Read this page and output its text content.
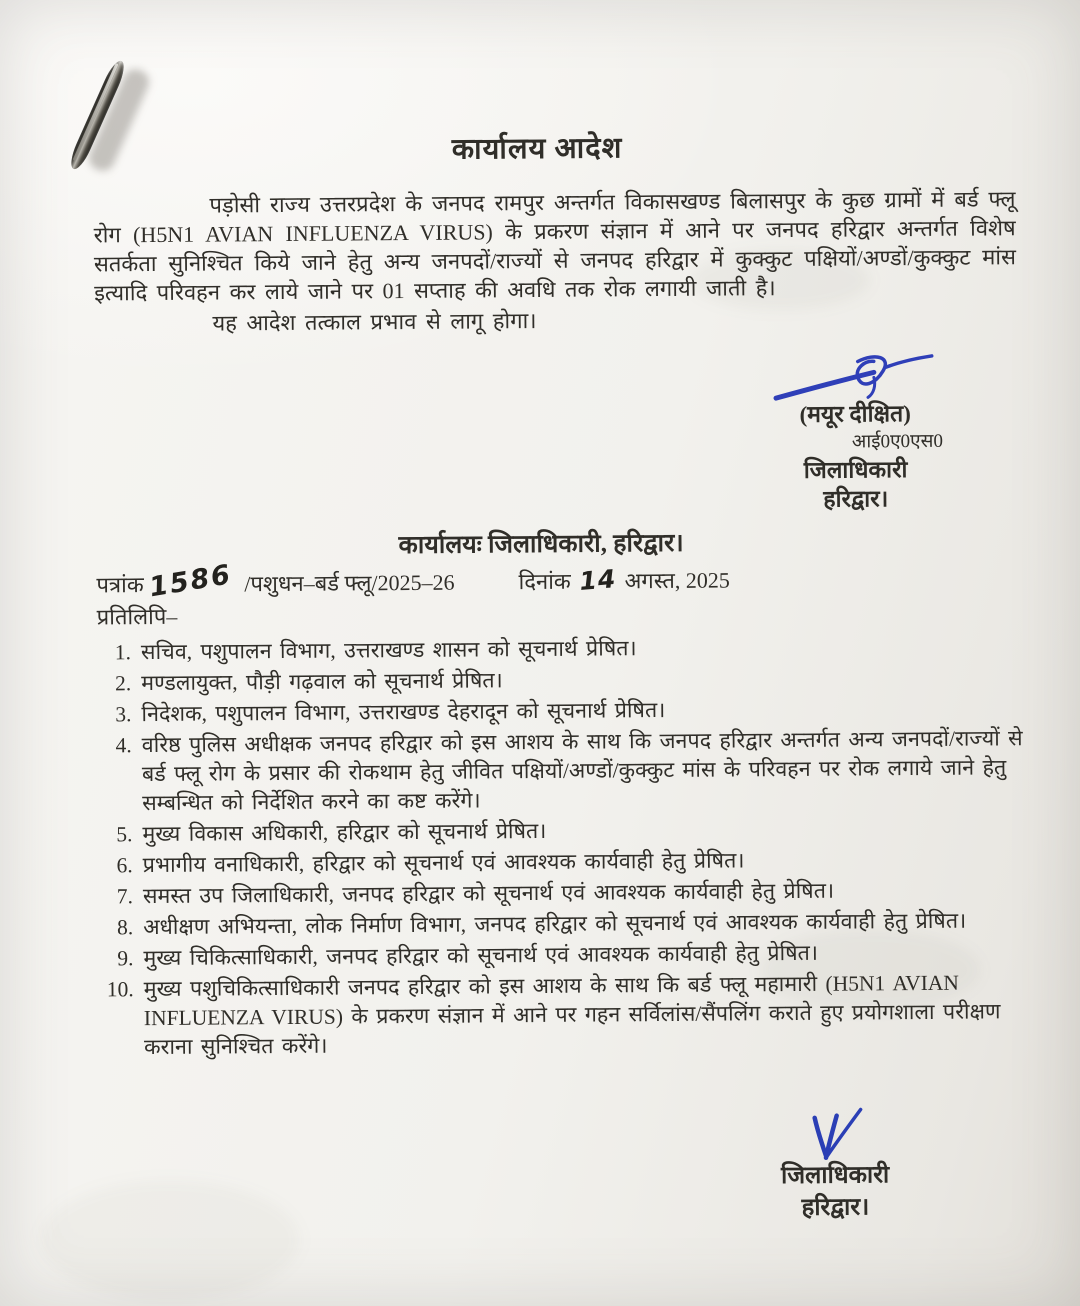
कार्यालय आदेश

पड़ोसी राज्य उत्तरप्रदेश के जनपद रामपुर अन्तर्गत विकासखण्ड बिलासपुर के कुछ ग्रामों में बर्ड फ्लू रोग (H5N1 AVIAN INFLUENZA VIRUS) के प्रकरण संज्ञान में आने पर जनपद हरिद्वार अन्तर्गत विशेष सतर्कता सुनिश्चित किये जाने हेतु अन्य जनपदों/राज्यों से जनपद हरिद्वार में कुक्कुट पक्षियों/अण्डों/कुक्कुट मांस इत्यादि परिवहन कर लाये जाने पर 01 सप्ताह की अवधि तक रोक लगायी जाती है।

यह आदेश तत्काल प्रभाव से लागू होगा।

(मयूर दीक्षित)
आई0ए0एस0
जिलाधिकारी
हरिद्वार।
कार्यालयः जिलाधिकारी, हरिद्वार।
पत्रांक 1586 /पशुधन–बर्ड फ्लू/2025–26	दिनांक 14 अगस्त, 2025
प्रतिलिपि–
1. सचिव, पशुपालन विभाग, उत्तराखण्ड शासन को सूचनार्थ प्रेषित।
2. मण्डलायुक्त, पौड़ी गढ़वाल को सूचनार्थ प्रेषित।
3. निदेशक, पशुपालन विभाग, उत्तराखण्ड देहरादून को सूचनार्थ प्रेषित।
4. वरिष्ठ पुलिस अधीक्षक जनपद हरिद्वार को इस आशय के साथ कि जनपद हरिद्वार अन्तर्गत अन्य जनपदों/राज्यों से बर्ड फ्लू रोग के प्रसार की रोकथाम हेतु जीवित पक्षियों/अण्डों/कुक्कुट मांस के परिवहन पर रोक लगाये जाने हेतु सम्बन्धित को निर्देशित करने का कष्ट करेंगे।
5. मुख्य विकास अधिकारी, हरिद्वार को सूचनार्थ प्रेषित।
6. प्रभागीय वनाधिकारी, हरिद्वार को सूचनार्थ एवं आवश्यक कार्यवाही हेतु प्रेषित।
7. समस्त उप जिलाधिकारी, जनपद हरिद्वार को सूचनार्थ एवं आवश्यक कार्यवाही हेतु प्रेषित।
8. अधीक्षण अभियन्ता, लोक निर्माण विभाग, जनपद हरिद्वार को सूचनार्थ एवं आवश्यक कार्यवाही हेतु प्रेषित।
9. मुख्य चिकित्साधिकारी, जनपद हरिद्वार को सूचनार्थ एवं आवश्यक कार्यवाही हेतु प्रेषित।
10. मुख्य पशुचिकित्साधिकारी जनपद हरिद्वार को इस आशय के साथ कि बर्ड फ्लू महामारी (H5N1 AVIAN INFLUENZA VIRUS) के प्रकरण संज्ञान में आने पर गहन सर्विलांस/सैंपलिंग कराते हुए प्रयोगशाला परीक्षण कराना सुनिश्चित करेंगे।
जिलाधिकारी
हरिद्वार।
